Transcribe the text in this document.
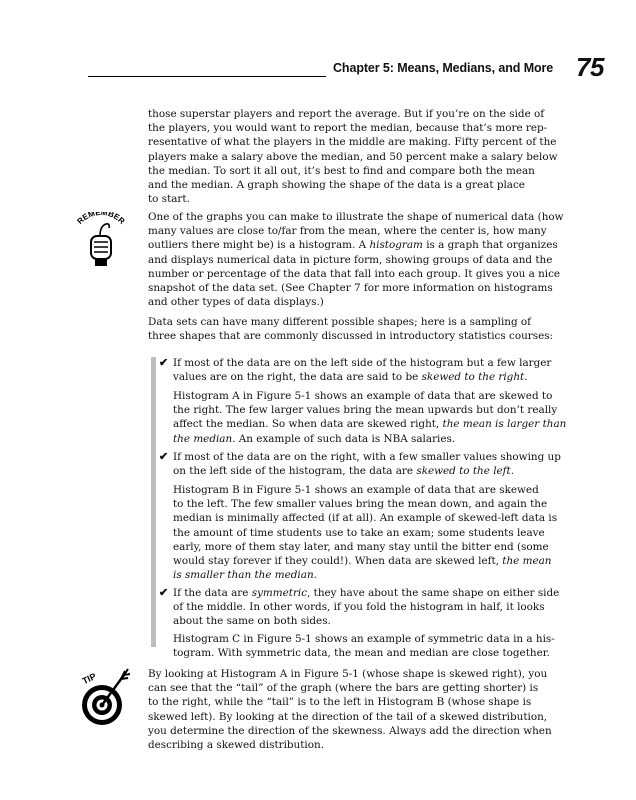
Chapter 5: Means, Medians, and More 75
those superstar players and report the average. But if you’re on the side of
the players, you would want to report the median, because that’s more rep-
resentative of what the players in the middle are making. Fifty percent of the
players make a salary above the median, and 50 percent make a salary below
the median. To sort it all out, it’s best to find and compare both the mean
and the median. A graph showing the shape of the data is a great place
to start.
REMEMBER One of the graphs you can make to illustrate the shape of numerical data (how
many values are close to/far from the mean, where the center is, how many
outliers there might be) is a histogram. A histogram is a graph that organizes
and displays numerical data in picture form, showing groups of data and the
number or percentage of the data that fall into each group. It gives you a nice
snapshot of the data set. (See Chapter 7 for more information on histograms
and other types of data displays.)
Data sets can have many different possible shapes; here is a sampling of
three shapes that are commonly discussed in introductory statistics courses:
✔ If most of the data are on the left side of the histogram but a few larger
values are on the right, the data are said to be skewed to the right.
Histogram A in Figure 5-1 shows an example of data that are skewed to
the right. The few larger values bring the mean upwards but don’t really
affect the median. So when data are skewed right, the mean is larger than
the median. An example of such data is NBA salaries.
✔ If most of the data are on the right, with a few smaller values showing up
on the left side of the histogram, the data are skewed to the left.
Histogram B in Figure 5-1 shows an example of data that are skewed
to the left. The few smaller values bring the mean down, and again the
median is minimally affected (if at all). An example of skewed-left data is
the amount of time students use to take an exam; some students leave
early, more of them stay later, and many stay until the bitter end (some
would stay forever if they could!). When data are skewed left, the mean
is smaller than the median.
✔ If the data are symmetric, they have about the same shape on either side
of the middle. In other words, if you fold the histogram in half, it looks
about the same on both sides.
Histogram C in Figure 5-1 shows an example of symmetric data in a his-
togram. With symmetric data, the mean and median are close together.
TIP	By looking at Histogram A in Figure 5-1 (whose shape is skewed right), you
can see that the “tail” of the graph (where the bars are getting shorter) is
to the right, while the “tail” is to the left in Histogram B (whose shape is
skewed left). By looking at the direction of the tail of a skewed distribution,
you determine the direction of the skewness. Always add the direction when
describing a skewed distribution.
